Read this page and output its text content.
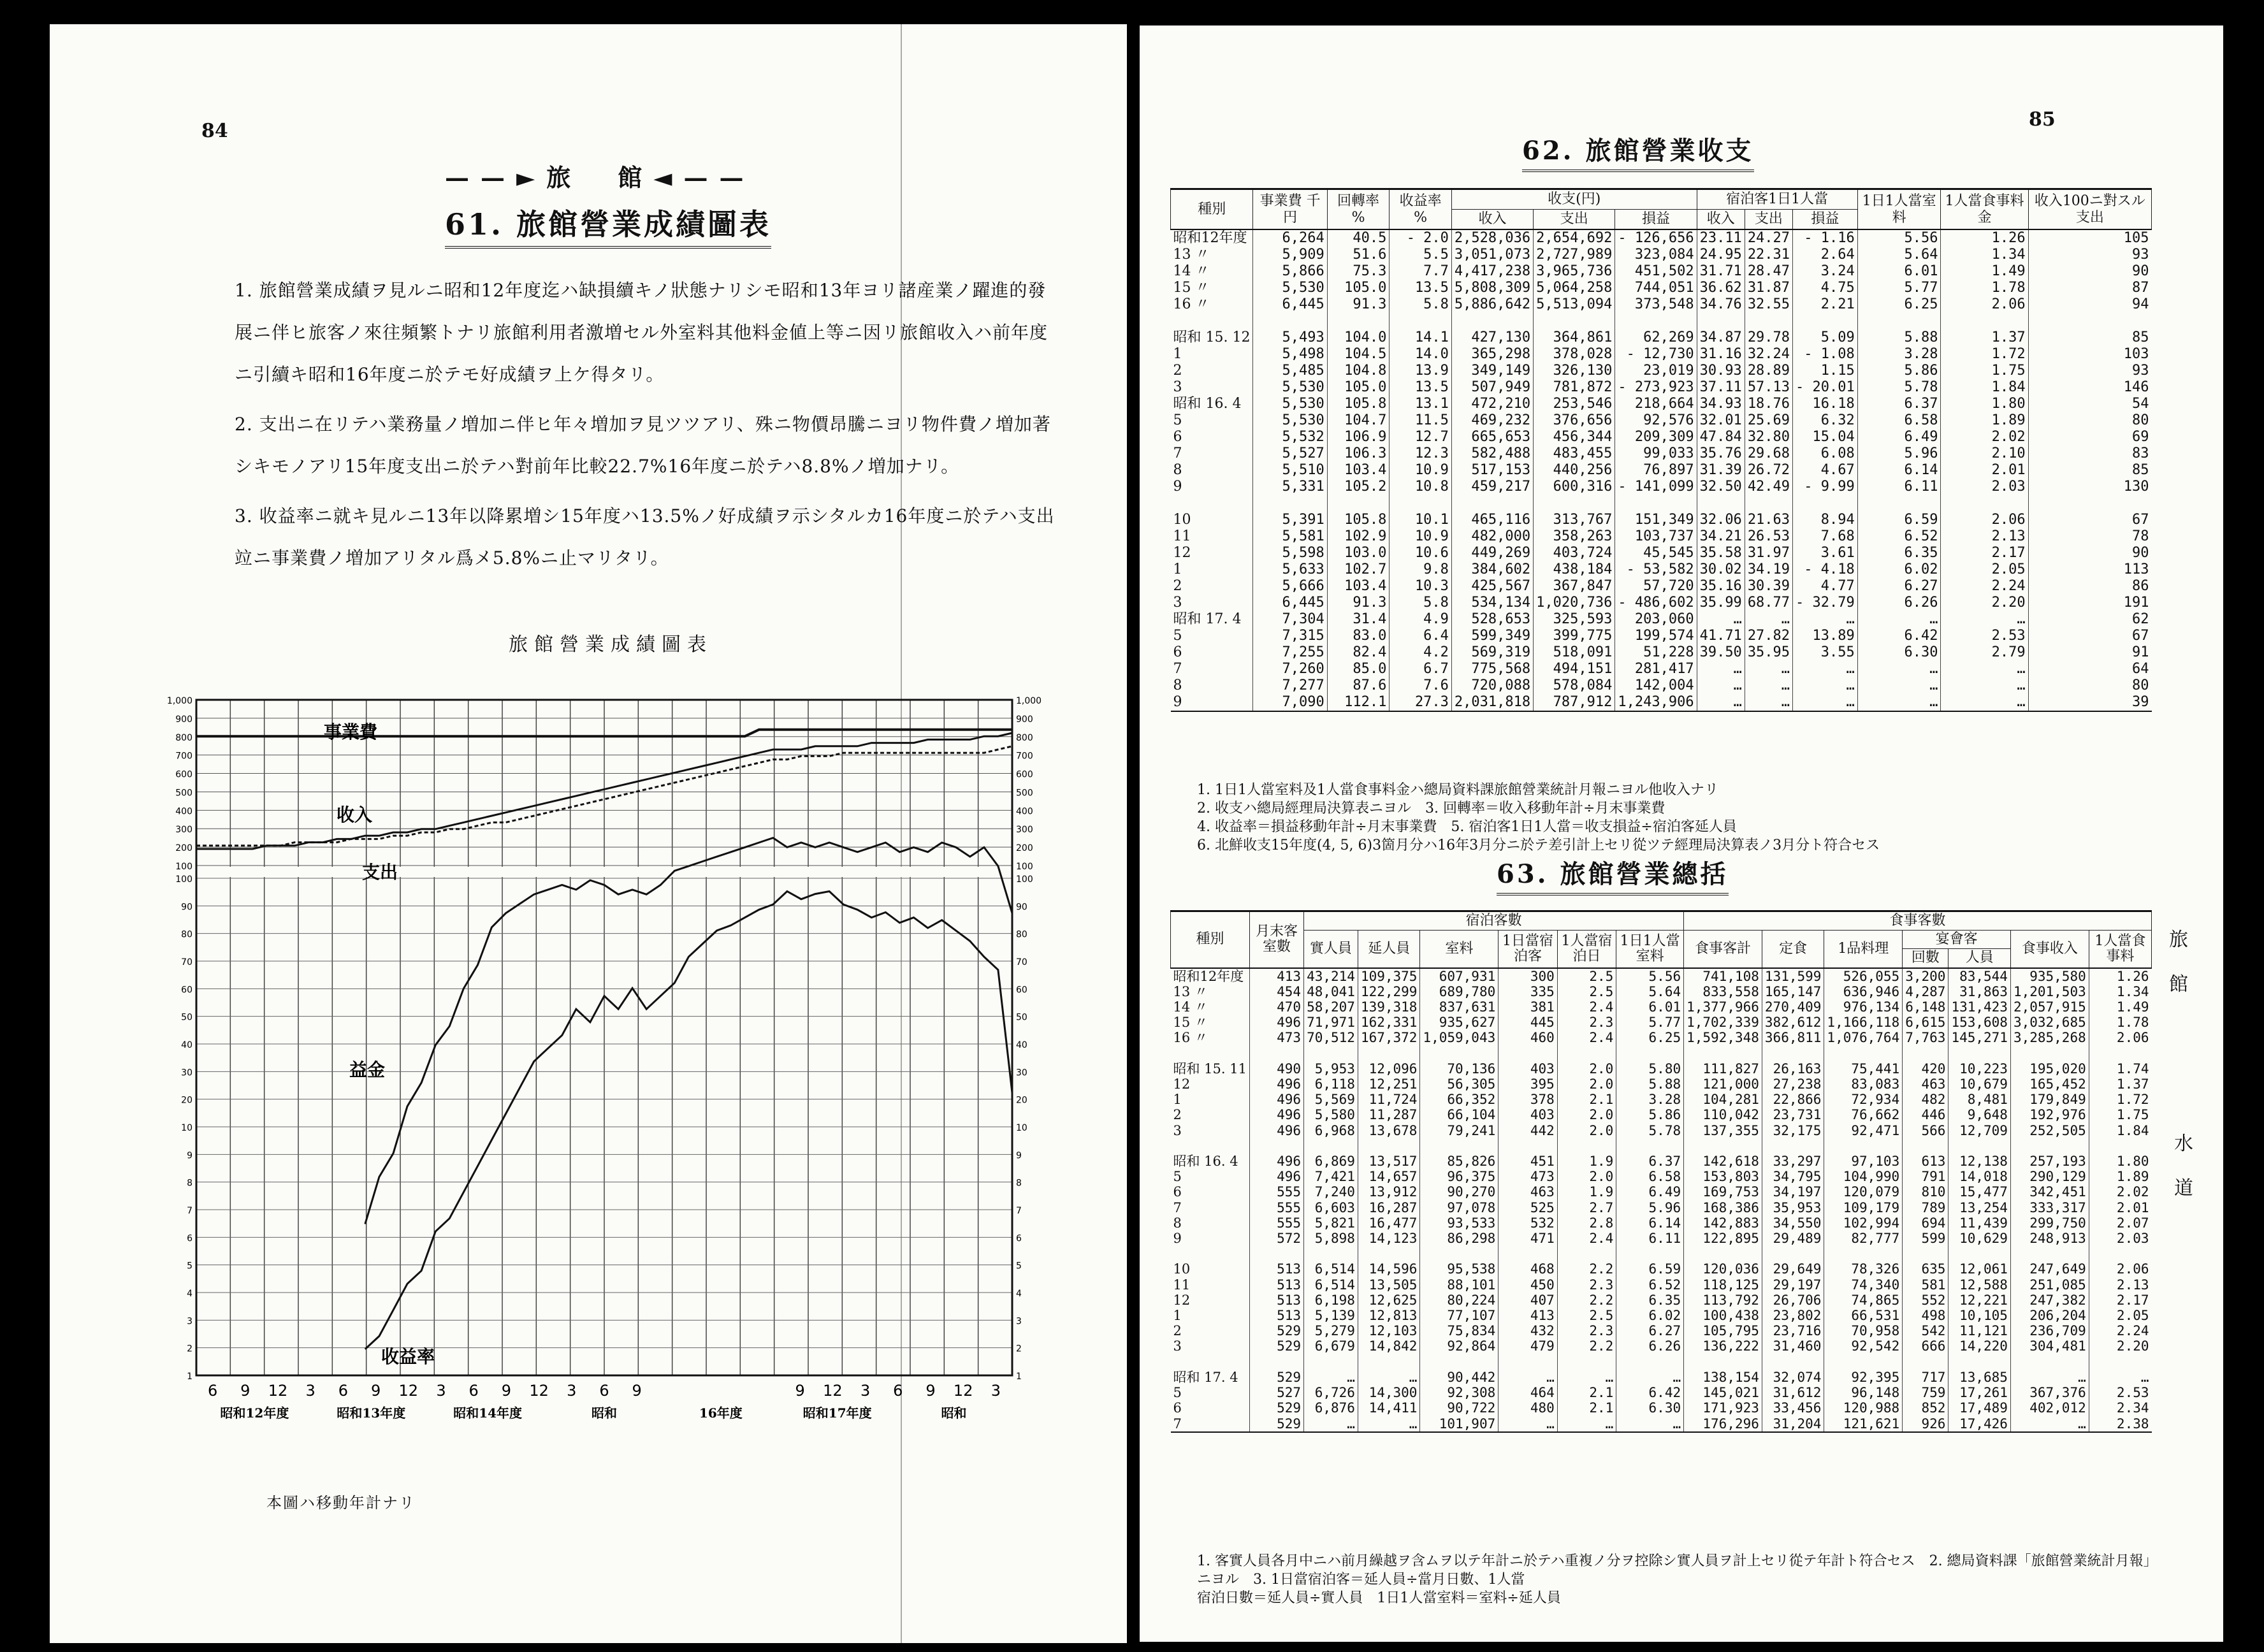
84
——►旅　館◄——
61. 旅館營業成績圖表

1. 旅館營業成績ヲ見ルニ昭和12年度迄ハ缺損續キノ狀態ナリシモ昭和13年ヨリ諸産業ノ躍進的發展ニ伴ヒ旅客ノ來往頻繁トナリ旅館利用者激増セル外室料其他料金値上等ニ因リ旅館收入ハ前年度ニ引續キ昭和16年度ニ於テモ好成績ヲ上ケ得タリ。

2. 支出ニ在リテハ業務量ノ増加ニ伴ヒ年々増加ヲ見ツツアリ、殊ニ物價昂騰ニヨリ物件費ノ増加著シキモノアリ15年度支出ニ於テハ對前年比較22.7%16年度ニ於テハ8.8%ノ増加ナリ。

3. 收益率ニ就キ見ルニ13年以降累増シ15年度ハ13.5%ノ好成績ヲ示シタルカ16年度ニ於テハ支出竝ニ事業費ノ増加アリタル爲メ5.8%ニ止マリタリ。

旅館營業成績圖表
1,000	1,000
900	900
800	800
700	700
600	600
500	500
400	400
300	300
200	200
100	100
100	100
90	90
80	80
70	70
60	60
50	50
40	40
30	30
20	20
10	10
9	9
8	8
7	7
6	6
5	5
4	4
3	3
2	2
1	1
6 9 12 3 6 9 12 3 6 9 12 3 6 9	9 12 3 6 9 12 3
昭和12年度	昭和13年度	昭和14年度	昭和	16年度	昭和17年度	昭和
事業費
收入
支出
益金
收益率
本圖ハ移動年計ナリ
85
62. 旅館營業收支
種別	事業費 千円	回轉率 %	收益率 %	收支(円)			宿泊客1日1人當			1日1人當室料	1人當食事料金	收入100ニ對スル支出
				收入	支出	損益	收入	支出	損益			
昭和12年度	6,264	40.5	- 2.0	2,528,036	2,654,692	- 126,656	23.11	24.27	- 1.16	5.56	1.26	105
13 〃	5,909	51.6	5.5	3,051,073	2,727,989	323,084	24.95	22.31	2.64	5.64	1.34	93
14 〃	5,866	75.3	7.7	4,417,238	3,965,736	451,502	31.71	28.47	3.24	6.01	1.49	90
15 〃	5,530	105.0	13.5	5,808,309	5,064,258	744,051	36.62	31.87	4.75	5.77	1.78	87
16 〃	6,445	91.3	5.8	5,886,642	5,513,094	373,548	34.76	32.55	2.21	6.25	2.06	94

昭和 15. 12	5,493	104.0	14.1	427,130	364,861	62,269	34.87	29.78	5.09	5.88	1.37	85
1	5,498	104.5	14.0	365,298	378,028	- 12,730	31.16	32.24	- 1.08	3.28	1.72	103
2	5,485	104.8	13.9	349,149	326,130	23,019	30.93	28.89	1.15	5.86	1.75	93
3	5,530	105.0	13.5	507,949	781,872	- 273,923	37.11	57.13	- 20.01	5.78	1.84	146
昭和 16. 4	5,530	105.8	13.1	472,210	253,546	218,664	34.93	18.76	16.18	6.37	1.80	54
5	5,530	104.7	11.5	469,232	376,656	92,576	32.01	25.69	6.32	6.58	1.89	80
6	5,532	106.9	12.7	665,653	456,344	209,309	47.84	32.80	15.04	6.49	2.02	69
7	5,527	106.3	12.3	582,488	483,455	99,033	35.76	29.68	6.08	5.96	2.10	83
8	5,510	103.4	10.9	517,153	440,256	76,897	31.39	26.72	4.67	6.14	2.01	85
9	5,331	105.2	10.8	459,217	600,316	- 141,099	32.50	42.49	- 9.99	6.11	2.03	130

10	5,391	105.8	10.1	465,116	313,767	151,349	32.06	21.63	8.94	6.59	2.06	67
11	5,581	102.9	10.9	482,000	358,263	103,737	34.21	26.53	7.68	6.52	2.13	78
12	5,598	103.0	10.6	449,269	403,724	45,545	35.58	31.97	3.61	6.35	2.17	90
1	5,633	102.7	9.8	384,602	438,184	- 53,582	30.02	34.19	- 4.18	6.02	2.05	113
2	5,666	103.4	10.3	425,567	367,847	57,720	35.16	30.39	4.77	6.27	2.24	86
3	6,445	91.3	5.8	534,134	1,020,736	- 486,602	35.99	68.77	- 32.79	6.26	2.20	191
昭和 17. 4	7,304	31.4	4.9	528,653	325,593	203,060	…	…	…	…	…	62
5	7,315	83.0	6.4	599,349	399,775	199,574	41.71	27.82	13.89	6.42	2.53	67
6	7,255	82.4	4.2	569,319	518,091	51,228	39.50	35.95	3.55	6.30	2.79	91
7	7,260	85.0	6.7	775,568	494,151	281,417	…	…	…	…	…	64
8	7,277	87.6	7.6	720,088	578,084	142,004	…	…	…	…	…	80
9	7,090	112.1	27.3	2,031,818	787,912	1,243,906	…	…	…	…	…	39
1. 1日1人當室料及1人當食事料金ハ總局資料課旅館營業統計月報ニヨル他收入ナリ
2. 收支ハ總局經理局決算表ニヨル　3. 回轉率＝收入移動年計÷月末事業費
4. 收益率＝損益移動年計÷月末事業費　5. 宿泊客1日1人當＝收支損益÷宿泊客延人員
6. 北鮮收支15年度(4, 5, 6)3箇月分ハ16年3月分ニ於テ差引計上セリ從ツテ經理局決算表ノ3月分ト符合セス
63. 旅館營業總括
種別	月末客室數	宿泊客數						食事客數						
		實人員	延人員	室料	1日當宿泊客	1人當宿泊日	1日1人當室料	食事客計	定食	1品料理	宴會客		食事收入	1人當食事料
											回數	人員		
昭和12年度	413	43,214	109,375	607,931	300	2.5	5.56	741,108	131,599	526,055	3,200	83,544	935,580	1.26
13 〃	454	48,041	122,299	689,780	335	2.5	5.64	833,558	165,147	636,946	4,287	31,863	1,201,503	1.34
14 〃	470	58,207	139,318	837,631	381	2.4	6.01	1,377,966	270,409	976,134	6,148	131,423	2,057,915	1.49
15 〃	496	71,971	162,331	935,627	445	2.3	5.77	1,702,339	382,612	1,166,118	6,615	153,608	3,032,685	1.78
16 〃	473	70,512	167,372	1,059,043	460	2.4	6.25	1,592,348	366,811	1,076,764	7,763	145,271	3,285,268	2.06

昭和 15. 11	490	5,953	12,096	70,136	403	2.0	5.80	111,827	26,163	75,441	420	10,223	195,020	1.74
12	496	6,118	12,251	56,305	395	2.0	5.88	121,000	27,238	83,083	463	10,679	165,452	1.37
1	496	5,569	11,724	66,352	378	2.1	3.28	104,281	22,866	72,934	482	8,481	179,849	1.72
2	496	5,580	11,287	66,104	403	2.0	5.86	110,042	23,731	76,662	446	9,648	192,976	1.75
3	496	6,968	13,678	79,241	442	2.0	5.78	137,355	32,175	92,471	566	12,709	252,505	1.84

昭和 16. 4	496	6,869	13,517	85,826	451	1.9	6.37	142,618	33,297	97,103	613	12,138	257,193	1.80
5	496	7,421	14,657	96,375	473	2.0	6.58	153,803	34,795	104,990	791	14,018	290,129	1.89
6	555	7,240	13,912	90,270	463	1.9	6.49	169,753	34,197	120,079	810	15,477	342,451	2.02
7	555	6,603	16,287	97,078	525	2.7	5.96	168,386	35,953	109,179	789	13,254	333,317	2.01
8	555	5,821	16,477	93,533	532	2.8	6.14	142,883	34,550	102,994	694	11,439	299,750	2.07
9	572	5,898	14,123	86,298	471	2.4	6.11	122,895	29,489	82,777	599	10,629	248,913	2.03

10	513	6,514	14,596	95,538	468	2.2	6.59	120,036	29,649	78,326	635	12,061	247,649	2.06
11	513	6,514	13,505	88,101	450	2.3	6.52	118,125	29,197	74,340	581	12,588	251,085	2.13
12	513	6,198	12,625	80,224	407	2.2	6.35	113,792	26,706	74,865	552	12,221	247,382	2.17
1	513	5,139	12,813	77,107	413	2.5	6.02	100,438	23,802	66,531	498	10,105	206,204	2.05
2	529	5,279	12,103	75,834	432	2.3	6.27	105,795	23,716	70,958	542	11,121	236,709	2.24
3	529	6,679	14,842	92,864	479	2.2	6.26	136,222	31,460	92,542	666	14,220	304,481	2.20

昭和 17. 4	529	…	…	90,442	…	…	…	138,154	32,074	92,395	717	13,685	…	…
5	527	6,726	14,300	92,308	464	2.1	6.42	145,021	31,612	96,148	759	17,261	367,376	2.53
6	529	6,876	14,411	90,722	480	2.1	6.30	171,923	33,456	120,988	852	17,489	402,012	2.34
7	529	…	…	101,907	…	…	…	176,296	31,204	121,621	926	17,426	…	2.38
1. 客實人員各月中ニハ前月繰越ヲ含ムヲ以テ年計ニ於テハ重複ノ分ヲ控除シ實人員ヲ計上セリ從テ年計ト符合セス　2. 總局資料課「旅館營業統計月報」ニヨル　3. 1日當宿泊客＝延人員÷當月日數、1人當
宿泊日數＝延人員÷實人員　1日1人當室料＝室料÷延人員
旅館
水 道
